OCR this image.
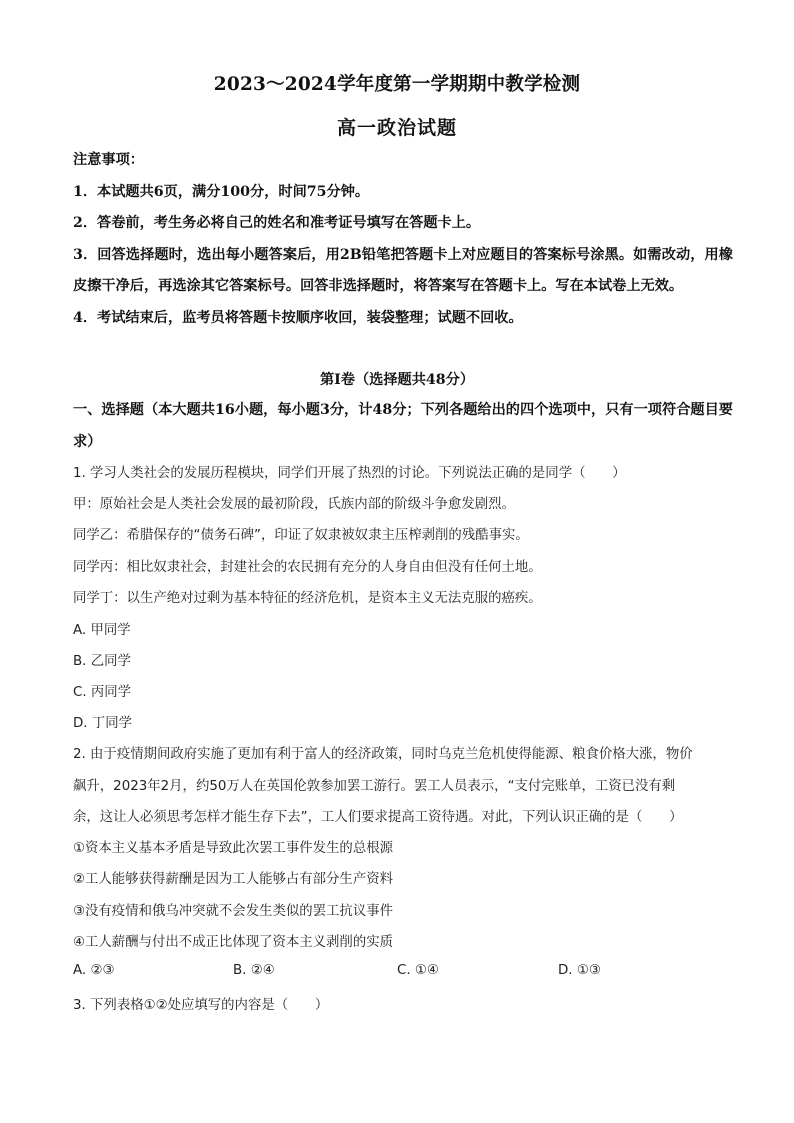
2023～2024学年度第一学期期中教学检测
高一政治试题

注意事项：

1．本试题共6页，满分100分，时间75分钟。

2．答卷前，考生务必将自己的姓名和准考证号填写在答题卡上。

3．回答选择题时，选出每小题答案后，用2B铅笔把答题卡上对应题目的答案标号涂黑。如需改动，用橡皮擦干净后，再选涂其它答案标号。回答非选择题时，将答案写在答题卡上。写在本试卷上无效。

4．考试结束后，监考员将答题卡按顺序收回，装袋整理；试题不回收。

第Ⅰ卷（选择题共48分）
一、选择题（本大题共16小题，每小题3分，计48分；下列各题给出的四个选项中，只有一项符合题目要求）
1. 学习人类社会的发展历程模块，同学们开展了热烈的讨论。下列说法正确的是同学（　　）
甲：原始社会是人类社会发展的最初阶段，氏族内部的阶级斗争愈发剧烈。
同学乙：希腊保存的“债务石碑”，印证了奴隶被奴隶主压榨剥削的残酷事实。
同学丙：相比奴隶社会，封建社会的农民拥有充分的人身自由但没有任何土地。
同学丁：以生产绝对过剩为基本特征的经济危机，是资本主义无法克服的癌疾。
A. 甲同学
B. 乙同学
C. 丙同学
D. 丁同学
2. 由于疫情期间政府实施了更加有利于富人的经济政策，同时乌克兰危机使得能源、粮食价格大涨，物价
飙升，2023年2月，约50万人在英国伦敦参加罢工游行。罢工人员表示，“支付完账单，工资已没有剩
余，这让人必须思考怎样才能生存下去”，工人们要求提高工资待遇。对此，下列认识正确的是（　　）
①资本主义基本矛盾是导致此次罢工事件发生的总根源
②工人能够获得薪酬是因为工人能够占有部分生产资料
③没有疫情和俄乌冲突就不会发生类似的罢工抗议事件
④工人薪酬与付出不成正比体现了资本主义剥削的实质
A. ②③	B. ②④	C. ①④	D. ①③
3. 下列表格①②处应填写的内容是（　　）
